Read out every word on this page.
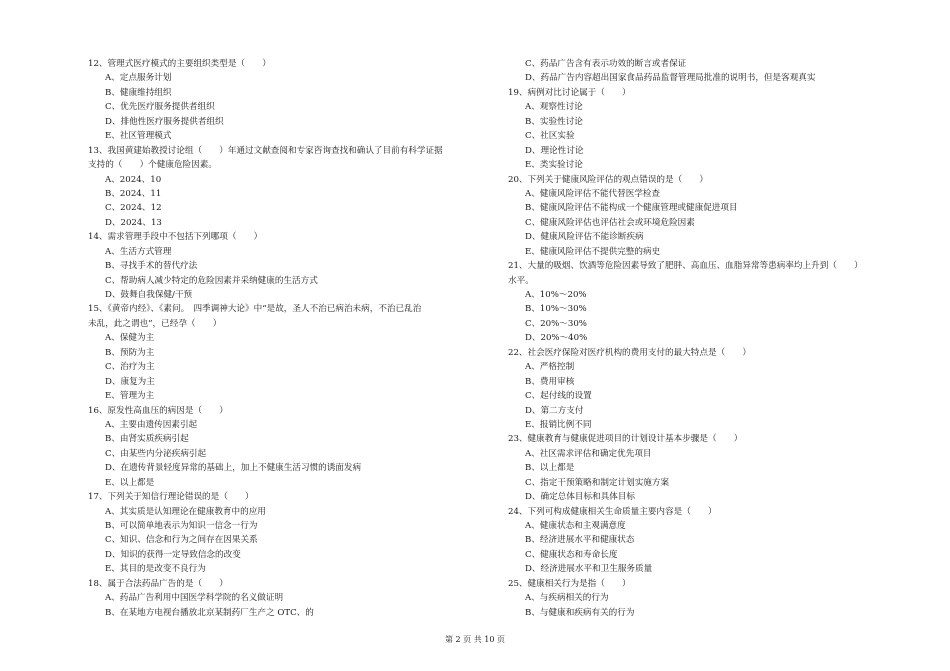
12、管理式医疗模式的主要组织类型是（　　）
A、定点服务计划
B、健康维持组织
C、优先医疗服务提供者组织
D、排他性医疗服务提供者组织
E、社区管理模式
13、我国黄建始教授讨论组（　　）年通过文献查阅和专家咨询查找和确认了目前有科学证据
支持的（　　）个健康危险因素。
A、2024、10
B、2024、11
C、2024、12
D、2024、13
14、需求管理手段中不包括下列哪项（　　）
A、生活方式管理
B、寻找手术的替代疗法
C、帮助病人减少特定的危险因素并采纳健康的生活方式
D、鼓舞自我保健/干预
15、《黄帝内经》、《素问。　四季调神大论》中“是故，圣人不治已病治未病，不治已乱治
未乱，此之谓也”，已经孕（　　）
A、保健为主
B、预防为主
C、治疗为主
D、康复为主
E、管理为主
16、原发性高血压的病因是（　　）
A、主要由遗传因素引起
B、由肾实质疾病引起
C、由某些内分泌疾病引起
D、在遗传背景轻度异常的基础上，加上不健康生活习惯的诱面发病
E、以上都是
17、下列关于知信行理论错误的是（　　）
A、其实质是认知理论在健康教育中的应用
B、可以简单地表示为知识一信念一行为
C、知识、信念和行为之间存在因果关系
D、知识的获得一定导致信念的改变
E、其目的是改变不良行为
18、属于合法药品广告的是（　　）
A、药品广告利用中国医学科学院的名义做证明
B、在某地方电视台播放北京某制药厂生产之 OTC、的
C、药品广告含有表示功效的断言或者保证
D、药品广告内容超出国家食品药品监督管理局批准的说明书，但是客观真实
19、病例对比讨论属于（　　）
A、观察性讨论
B、实验性讨论
C、社区实验
D、理论性讨论
E、类实验讨论
20、下列关于健康风险评估的观点错误的是（　　）
A、健康风险评估不能代替医学检查
B、健康风险评估不能构成一个健康管理或健康促进项目
C、健康风险评估也评估社会或环境危险因素
D、健康风险评估不能诊断疾病
E、健康风险评估不提供完整的病史
21、大量的吸烟、饮酒等危险因素导致了肥胖、高血压、血脂异常等患病率均上升到（　　）
水平。
A、10%～20%
B、10%～30%
C、20%～30%
D、20%～40%
22、社会医疗保险对医疗机构的费用支付的最大特点是（　　）
A、严格控制
B、费用审核
C、起付线的设置
D、第二方支付
E、报销比例不同
23、健康教育与健康促进项目的计划设计基本步骤是（　　）
A、社区需求评估和确定优先项目
B、以上都是
C、指定干预策略和制定计划实施方案
D、确定总体目标和具体目标
24、下列可构成健康相关生命质量主要内容是（　　）
A、健康状态和主观满意度
B、经济进展水平和健康状态
C、健康状态和寿命长度
D、经济进展水平和卫生服务质量
25、健康相关行为是指（　　）
A、与疾病相关的行为
B、与健康和疾病有关的行为
第 2 页 共 10 页
